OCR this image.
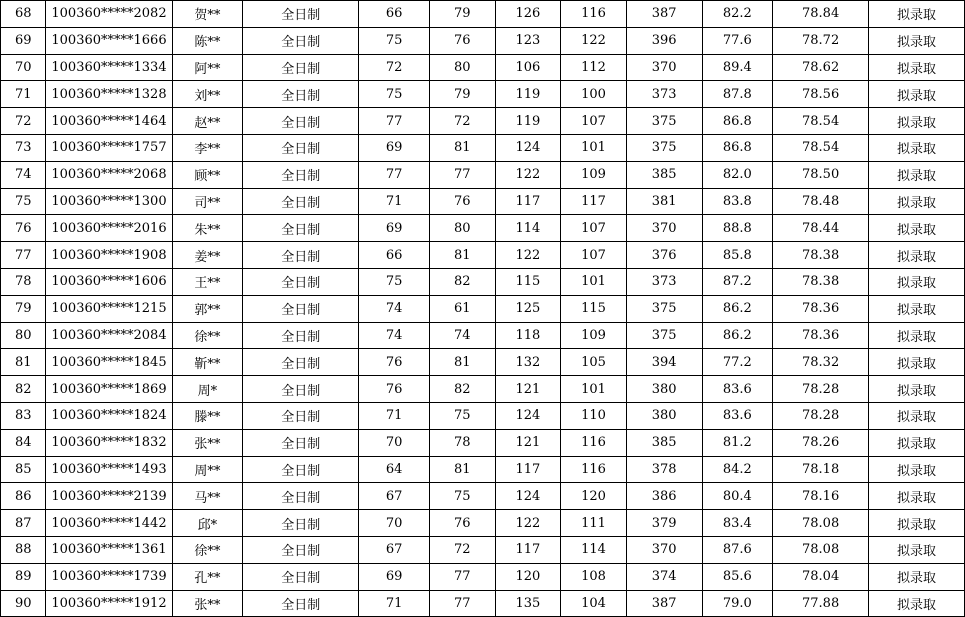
68	100360*****2082	贺**	全日制	66	79	126	116	387	82.2	78.84	拟录取
69	100360*****1666	陈**	全日制	75	76	123	122	396	77.6	78.72	拟录取
70	100360*****1334	阿**	全日制	72	80	106	112	370	89.4	78.62	拟录取
71	100360*****1328	刘**	全日制	75	79	119	100	373	87.8	78.56	拟录取
72	100360*****1464	赵**	全日制	77	72	119	107	375	86.8	78.54	拟录取
73	100360*****1757	李**	全日制	69	81	124	101	375	86.8	78.54	拟录取
74	100360*****2068	顾**	全日制	77	77	122	109	385	82.0	78.50	拟录取
75	100360*****1300	司**	全日制	71	76	117	117	381	83.8	78.48	拟录取
76	100360*****2016	朱**	全日制	69	80	114	107	370	88.8	78.44	拟录取
77	100360*****1908	姜**	全日制	66	81	122	107	376	85.8	78.38	拟录取
78	100360*****1606	王**	全日制	75	82	115	101	373	87.2	78.38	拟录取
79	100360*****1215	郭**	全日制	74	61	125	115	375	86.2	78.36	拟录取
80	100360*****2084	徐**	全日制	74	74	118	109	375	86.2	78.36	拟录取
81	100360*****1845	靳**	全日制	76	81	132	105	394	77.2	78.32	拟录取
82	100360*****1869	周*	全日制	76	82	121	101	380	83.6	78.28	拟录取
83	100360*****1824	滕**	全日制	71	75	124	110	380	83.6	78.28	拟录取
84	100360*****1832	张**	全日制	70	78	121	116	385	81.2	78.26	拟录取
85	100360*****1493	周**	全日制	64	81	117	116	378	84.2	78.18	拟录取
86	100360*****2139	马**	全日制	67	75	124	120	386	80.4	78.16	拟录取
87	100360*****1442	邱*	全日制	70	76	122	111	379	83.4	78.08	拟录取
88	100360*****1361	徐**	全日制	67	72	117	114	370	87.6	78.08	拟录取
89	100360*****1739	孔**	全日制	69	77	120	108	374	85.6	78.04	拟录取
90	100360*****1912	张**	全日制	71	77	135	104	387	79.0	77.88	拟录取
